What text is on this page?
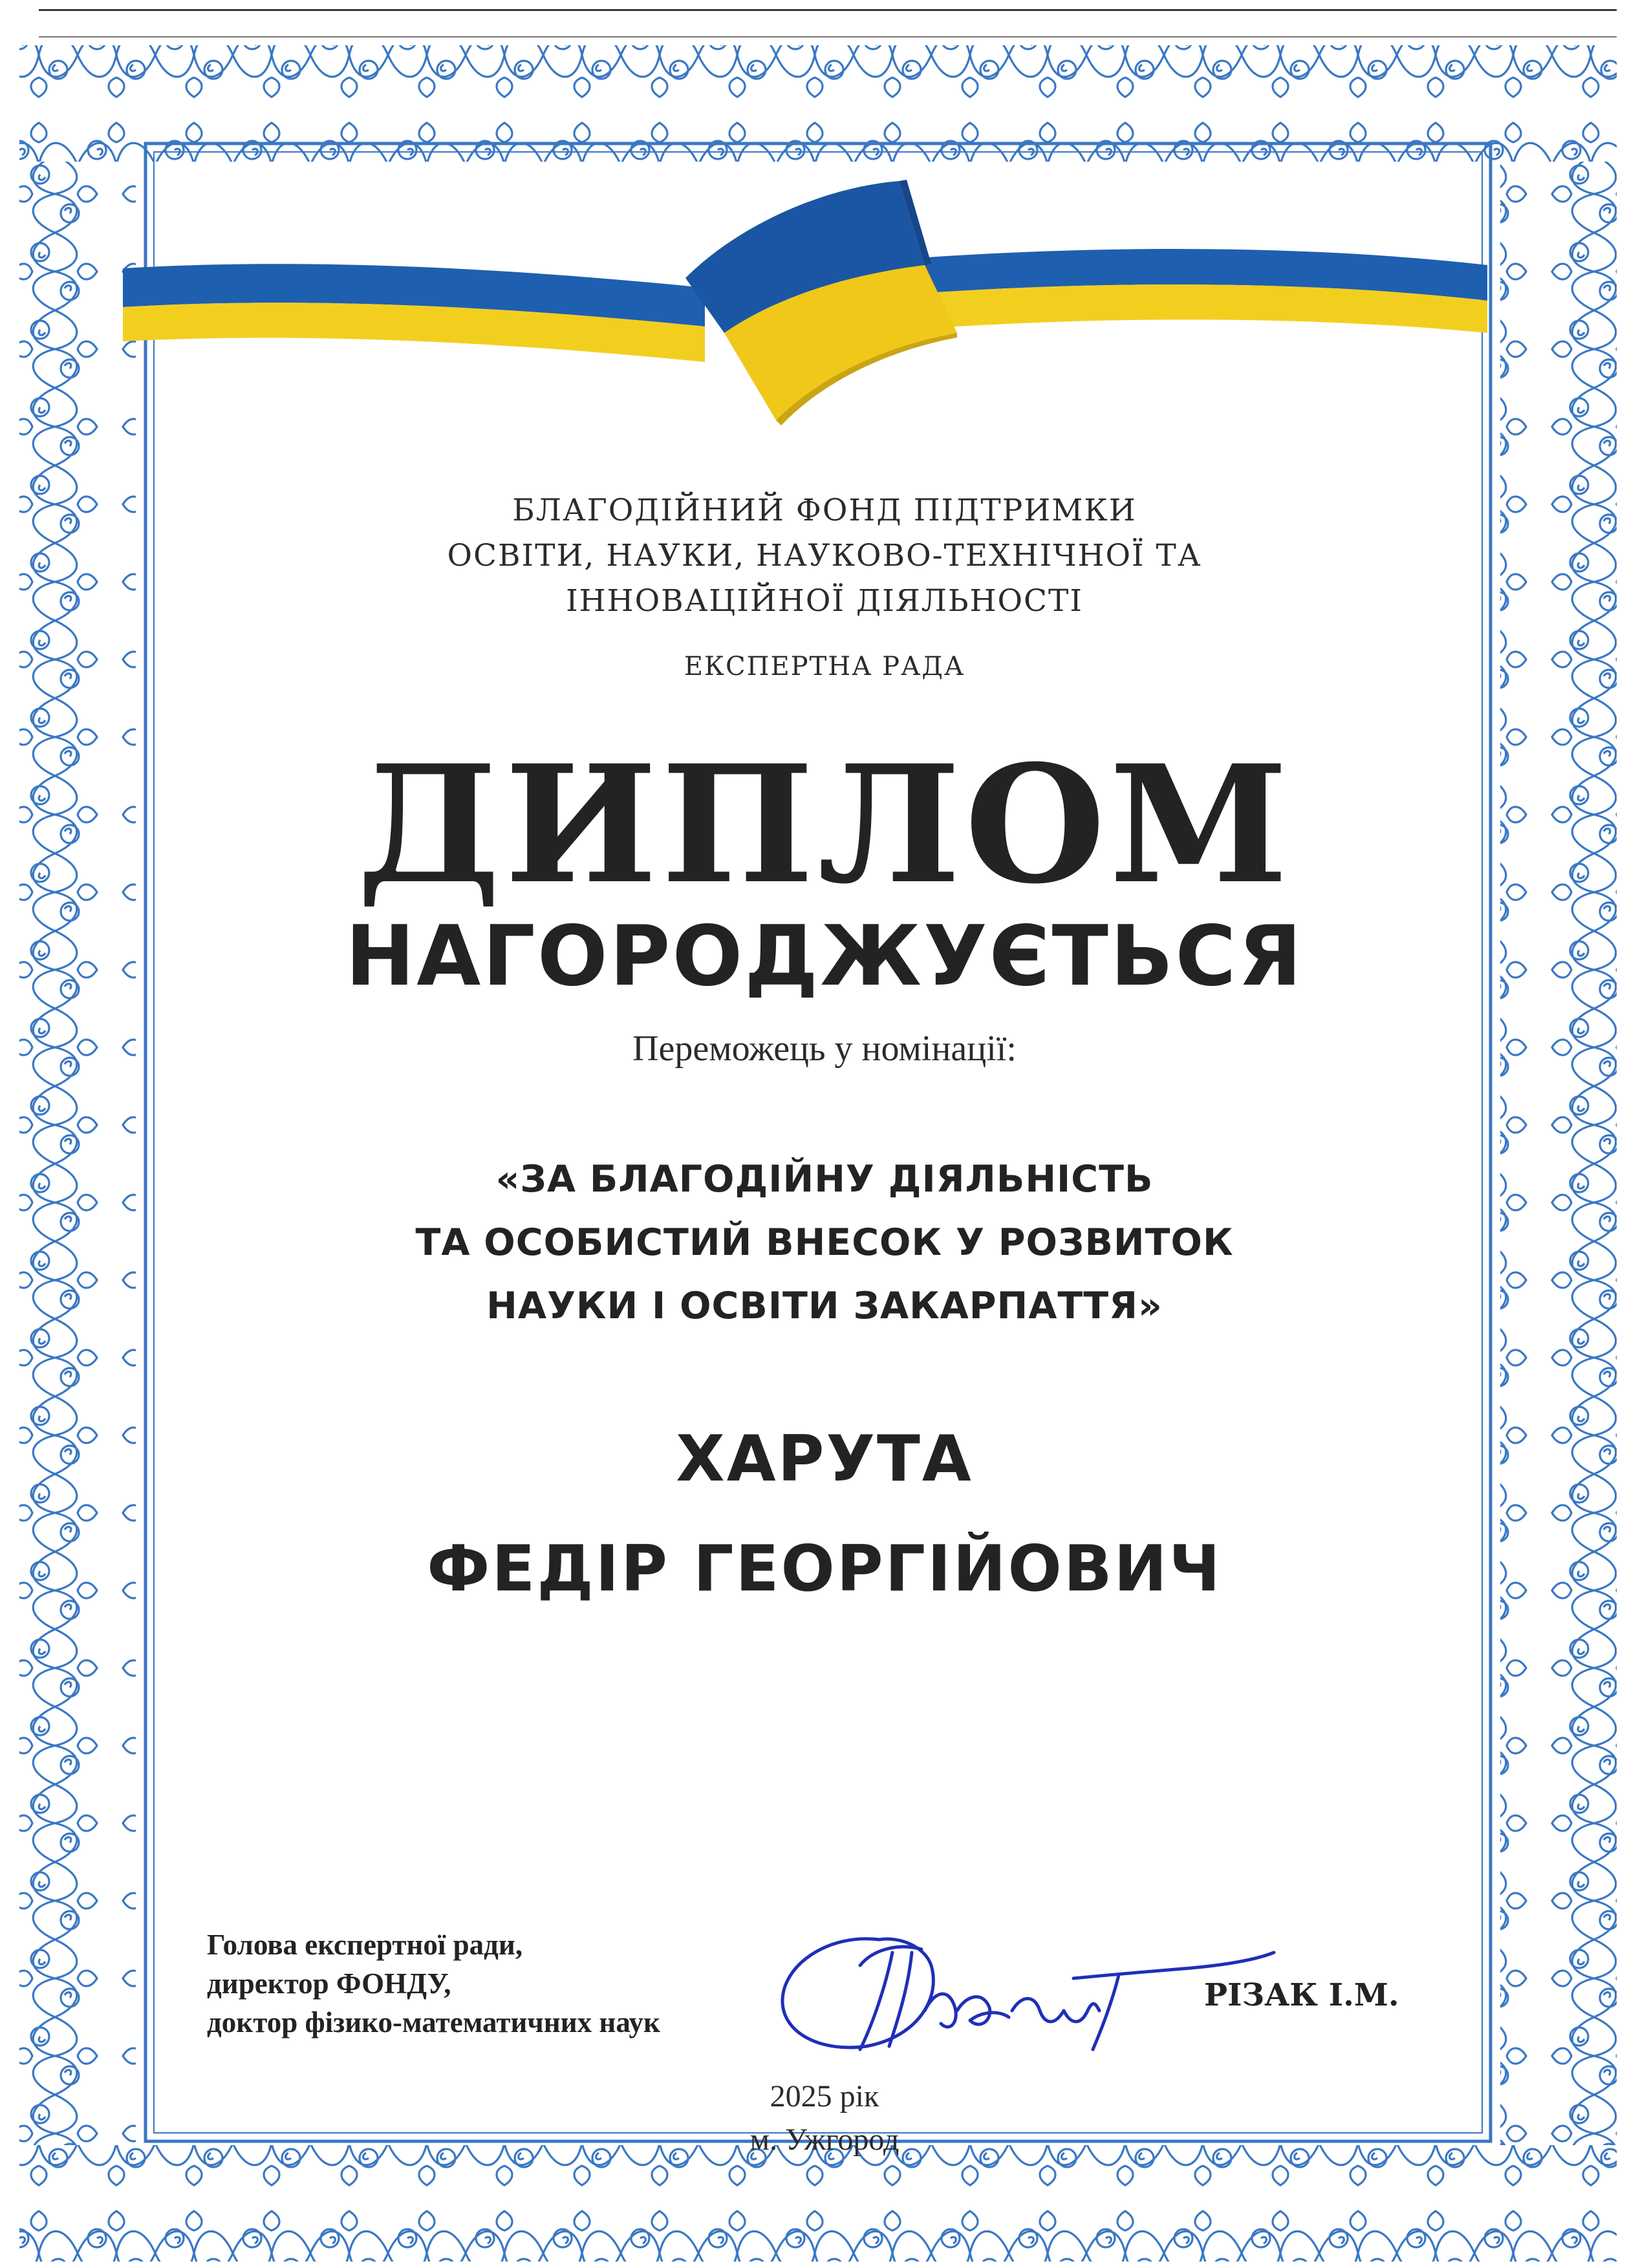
БЛАГОДІЙНИЙ ФОНД ПІДТРИМКИ
ОСВІТИ, НАУКИ, НАУКОВО-ТЕХНІЧНОЇ ТА
ІННОВАЦІЙНОЇ ДІЯЛЬНОСТІ
ЕКСПЕРТНА РАДА
ДИПЛОМ
НАГОРОДЖУЄТЬСЯ
Переможець у номінації:
«ЗА БЛАГОДІЙНУ ДІЯЛЬНІСТЬ
ТА ОСОБИСТИЙ ВНЕСОК У РОЗВИТОК
НАУКИ І ОСВІТИ ЗАКАРПАТТЯ»
ХАРУТА
ФЕДІР ГЕОРГІЙОВИЧ
Голова експертної ради,
директор ФОНДУ,
доктор фізико-математичних наук
РІЗАК І.М.
2025 рік
м. Ужгород
